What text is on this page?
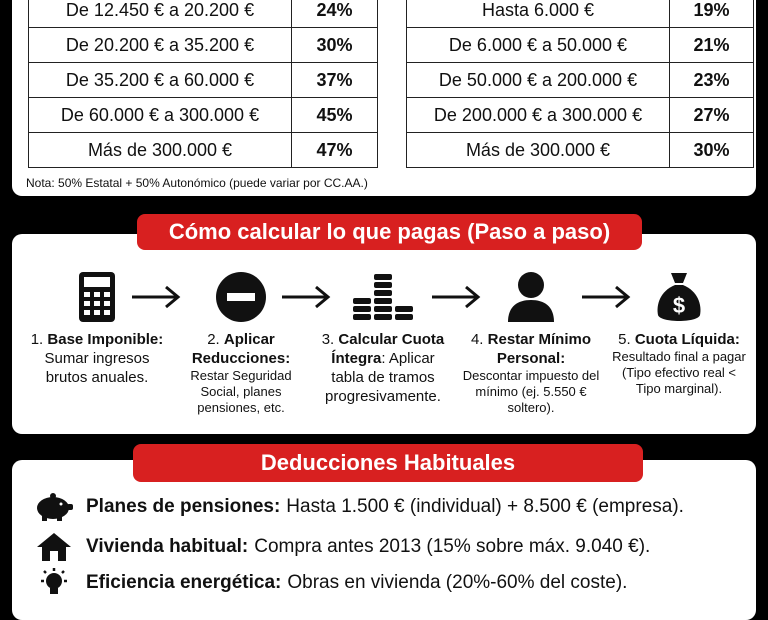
De 12.450 € a 20.200 €	24%
De 20.200 € a 35.200 €	30%
De 35.200 € a 60.000 €	37%
De 60.000 € a 300.000 €	45%
Más de 300.000 €	47%
Hasta 6.000 €	19%
De 6.000 € a 50.000 €	21%
De 50.000 € a 200.000 €	23%
De 200.000 € a 300.000 €	27%
Más de 300.000 €	30%
Nota: 50% Estatal + 50% Autonómico (puede variar por CC.AA.)
Cómo calcular lo que pagas (Paso a paso)
1. Base Imponible:
Sumar ingresos brutos anuales.
2. Aplicar Reducciones:
Restar Seguridad Social, planes pensiones, etc.
3. Calcular Cuota Íntegra: Aplicar tabla de tramos progresivamente.
4. Restar Mínimo Personal:
Descontar impuesto del mínimo (ej. 5.550 € soltero).
$
5. Cuota Líquida:
Resultado final a pagar (Tipo efectivo real < Tipo marginal).
Deducciones Habituales
Planes de pensiones: Hasta 1.500 € (individual) + 8.500 € (empresa).
Vivienda habitual: Compra antes 2013 (15% sobre máx. 9.040 €).
Eficiencia energética: Obras en vivienda (20%-60% del coste).
